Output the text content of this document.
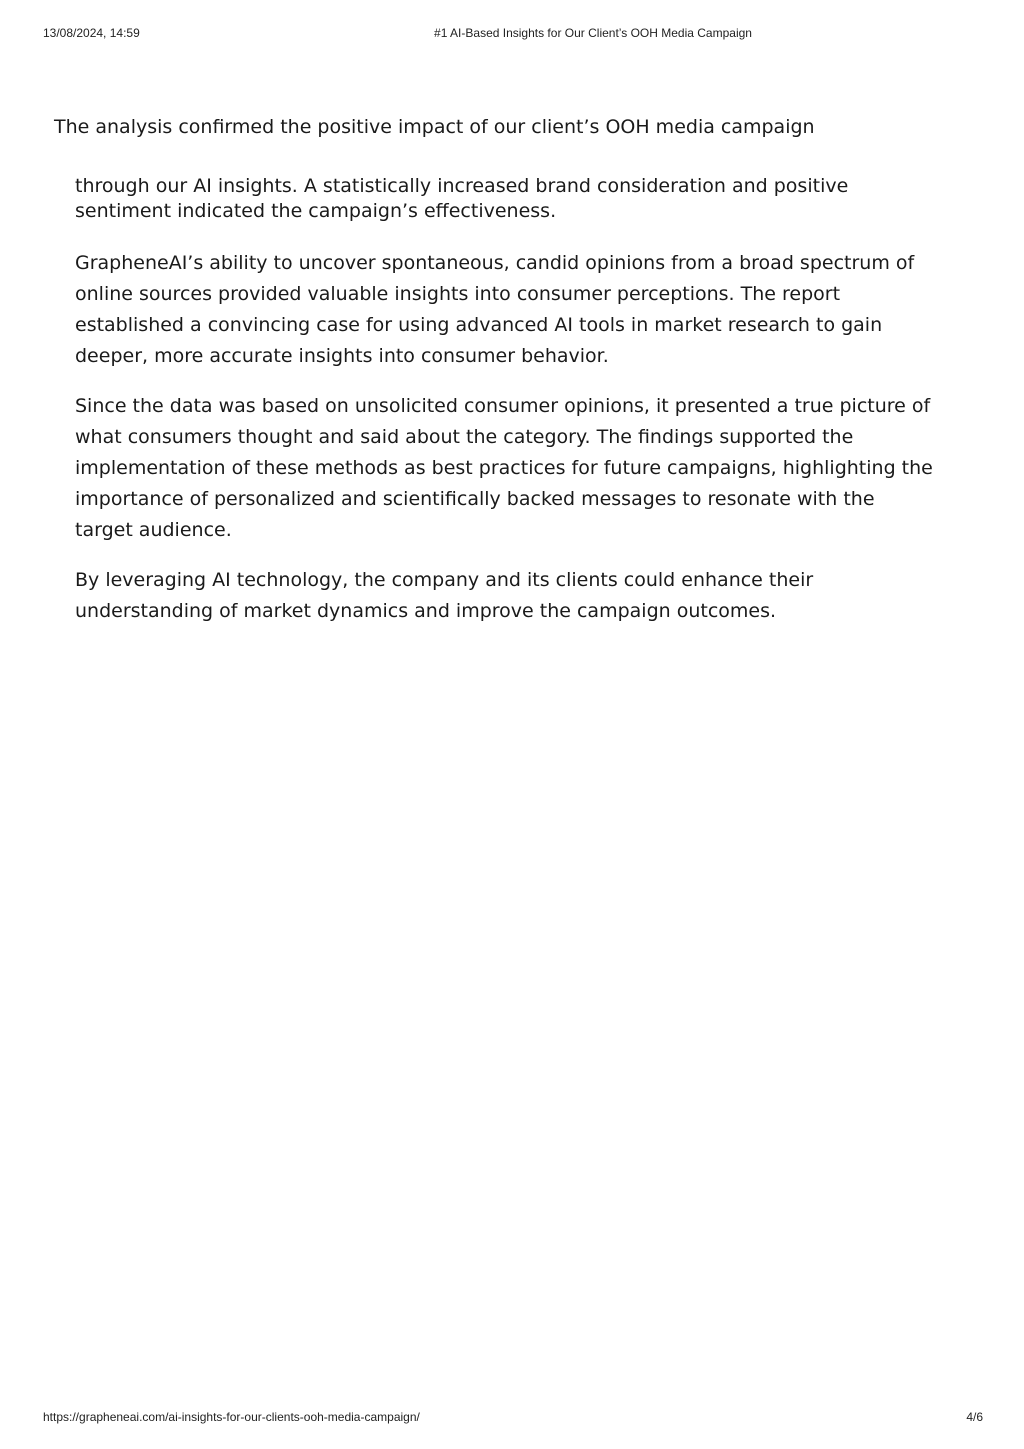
13/08/2024, 14:59	#1 AI-Based Insights for Our Client’s OOH Media Campaign

The analysis confirmed the positive impact of our client’s OOH media campaign

through our AI insights. A statistically increased brand consideration and positive sentiment indicated the campaign’s effectiveness.

GrapheneAI’s ability to uncover spontaneous, candid opinions from a broad spectrum of online sources provided valuable insights into consumer perceptions. The report established a convincing case for using advanced AI tools in market research to gain deeper, more accurate insights into consumer behavior.

Since the data was based on unsolicited consumer opinions, it presented a true picture of what consumers thought and said about the category. The findings supported the implementation of these methods as best practices for future campaigns, highlighting the importance of personalized and scientifically backed messages to resonate with the target audience.

By leveraging AI technology, the company and its clients could enhance their understanding of market dynamics and improve the campaign outcomes.

https://grapheneai.com/ai-insights-for-our-clients-ooh-media-campaign/	4/6
